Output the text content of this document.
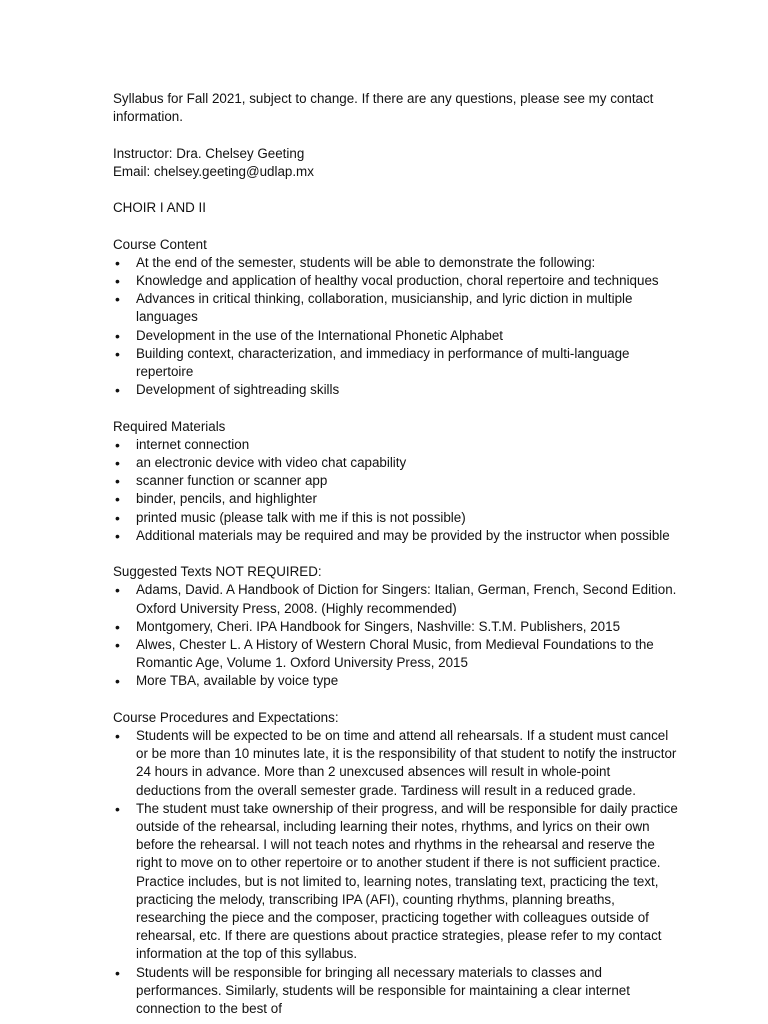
Syllabus for Fall 2021, subject to change. If there are any questions, please see my contact information.

Instructor: Dra. Chelsey Geeting

Email: chelsey.geeting@udlap.mx

CHOIR I AND II

Course Content

• At the end of the semester, students will be able to demonstrate the following:
• Knowledge and application of healthy vocal production, choral repertoire and techniques
• Advances in critical thinking, collaboration, musicianship, and lyric diction in multiple languages
• Development in the use of the International Phonetic Alphabet
• Building context, characterization, and immediacy in performance of multi-language repertoire
• Development of sightreading skills

Required Materials

• internet connection
• an electronic device with video chat capability
• scanner function or scanner app
• binder, pencils, and highlighter
• printed music (please talk with me if this is not possible)
• Additional materials may be required and may be provided by the instructor when possible

Suggested Texts NOT REQUIRED:

• Adams, David. A Handbook of Diction for Singers: Italian, German, French, Second Edition. Oxford University Press, 2008. (Highly recommended)
• Montgomery, Cheri. IPA Handbook for Singers, Nashville: S.T.M. Publishers, 2015
• Alwes, Chester L. A History of Western Choral Music, from Medieval Foundations to the Romantic Age, Volume 1. Oxford University Press, 2015
• More TBA, available by voice type

Course Procedures and Expectations:

• Students will be expected to be on time and attend all rehearsals. If a student must cancel or be more than 10 minutes late, it is the responsibility of that student to notify the instructor 24 hours in advance. More than 2 unexcused absences will result in whole-point deductions from the overall semester grade. Tardiness will result in a reduced grade.
• The student must take ownership of their progress, and will be responsible for daily practice outside of the rehearsal, including learning their notes, rhythms, and lyrics on their own before the rehearsal. I will not teach notes and rhythms in the rehearsal and reserve the right to move on to other repertoire or to another student if there is not sufficient practice. Practice includes, but is not limited to, learning notes, translating text, practicing the text, practicing the melody, transcribing IPA (AFI), counting rhythms, planning breaths, researching the piece and the composer, practicing together with colleagues outside of rehearsal, etc. If there are questions about practice strategies, please refer to my contact information at the top of this syllabus.
• Students will be responsible for bringing all necessary materials to classes and performances. Similarly, students will be responsible for maintaining a clear internet connection to the best of
